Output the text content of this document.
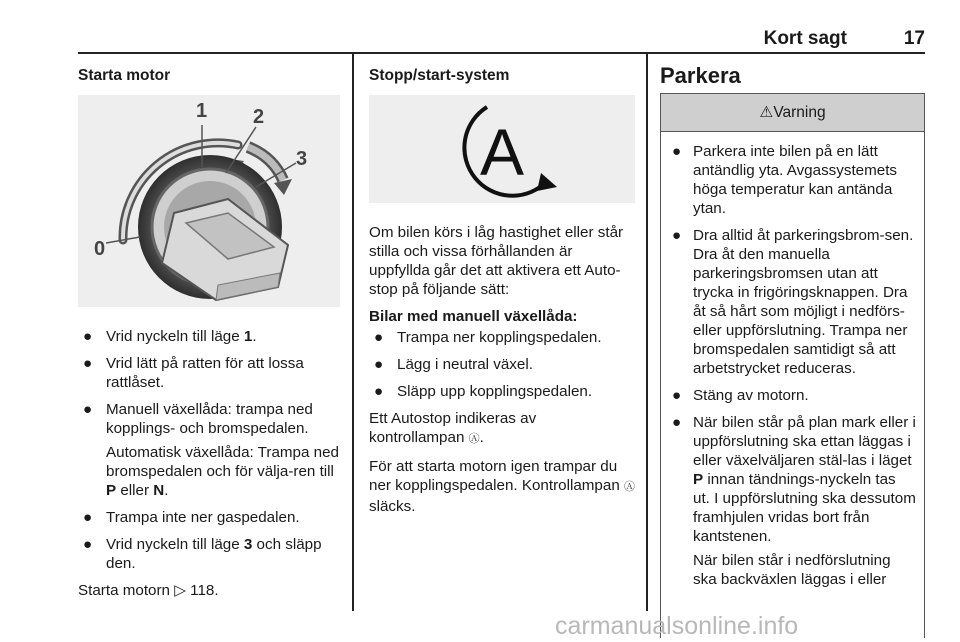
Kort sagt	17
Starta motor
1 2
3
0
● Vrid nyckeln till läge 1.
● Vrid lätt på ratten för att lossa rattlåset.
● Manuell växellåda: trampa ned kopplings- och bromspedalen.
Automatisk växellåda: Trampa ned bromspedalen och för välja-ren till P eller N.
● Trampa inte ner gaspedalen.
● Vrid nyckeln till läge 3 och släpp den.

Starta motorn ▷ 118.

Stopp/start-system
A

Om bilen körs i låg hastighet eller står stilla och vissa förhållanden är uppfyllda går det att aktivera ett Auto-stop på följande sätt:

Bilar med manuell växellåda:
● Trampa ner kopplingspedalen.
● Lägg i neutral växel.
● Släpp upp kopplingspedalen.

Ett Autostop indikeras av kontrollampan Ⓐ.

För att starta motorn igen trampar du ner kopplingspedalen. Kontrollampan Ⓐ släcks.

Parkera
⚠Varning
● Parkera inte bilen på en lätt antändlig yta. Avgassystemets höga temperatur kan antända ytan.
● Dra alltid åt parkeringsbrom-sen. Dra åt den manuella parkeringsbromsen utan att trycka in frigöringsknappen. Dra åt så hårt som möjligt i nedförs- eller uppförslutning. Trampa ner bromspedalen samtidigt så att arbetstrycket reduceras.
● Stäng av motorn.
● När bilen står på plan mark eller i uppförslutning ska ettan läggas i eller växelväljaren stäl-las i läget P innan tändnings-nyckeln tas ut. I uppförslutning ska dessutom framhjulen vridas bort från kantstenen.
När bilen står i nedförslutning ska backväxlen läggas i eller
carmanualsonline.info
